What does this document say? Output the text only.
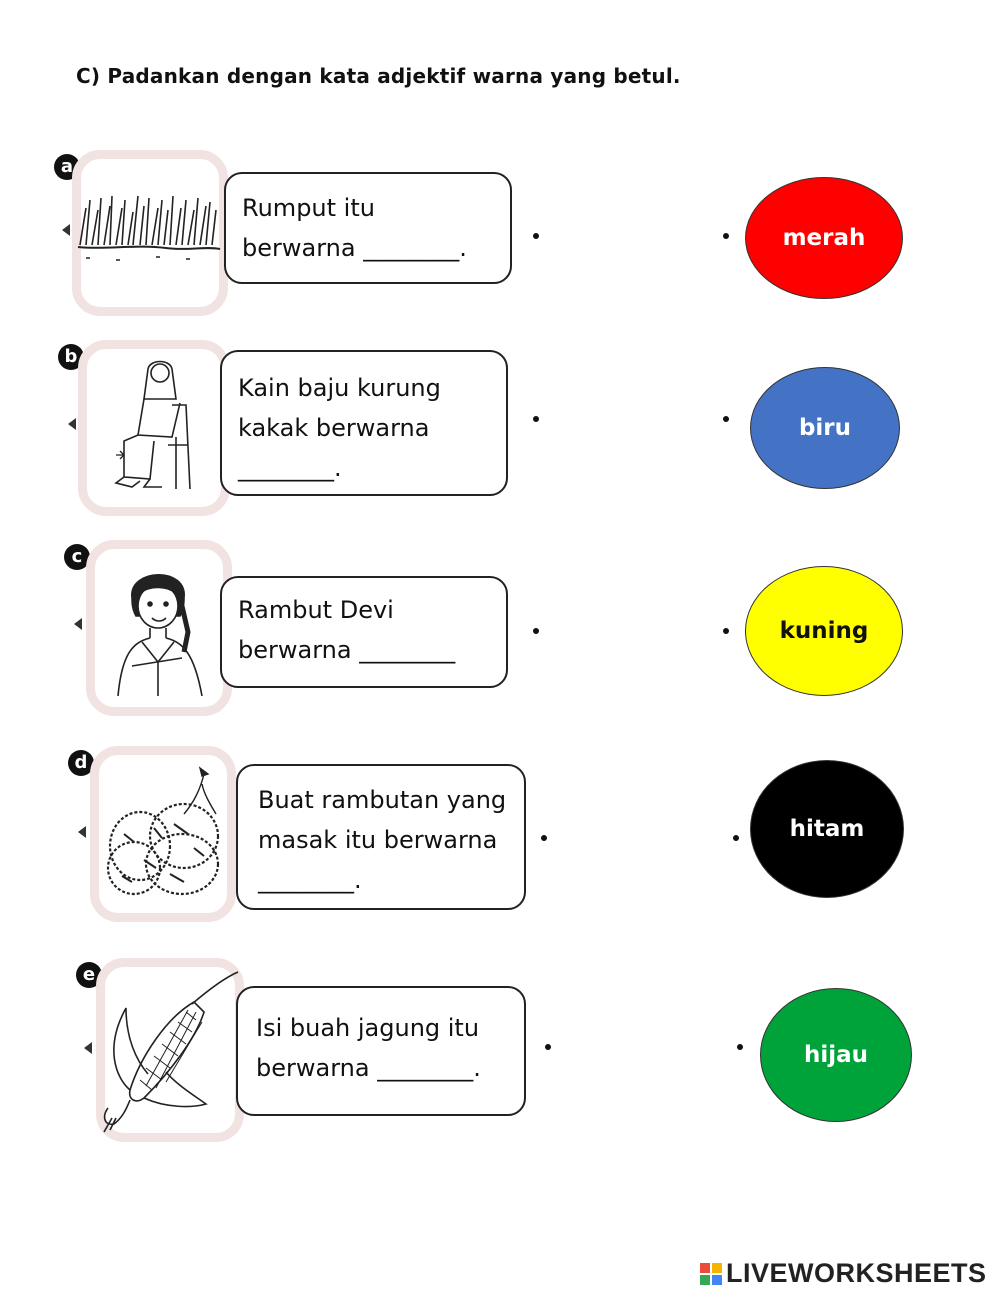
C) Padankan dengan kata adjektif warna yang betul.
a
Rumput itu
berwarna ________.	merah
b
Kain baju kurung
kakak berwarna
________.
biru
c
Rambut Devi
berwarna ________
kuning
d
Buat rambutan yang
masak itu berwarna
________.
hitam
e
Isi buah jagung itu
berwarna ________.	hijau
LIVEWORKSHEETS
